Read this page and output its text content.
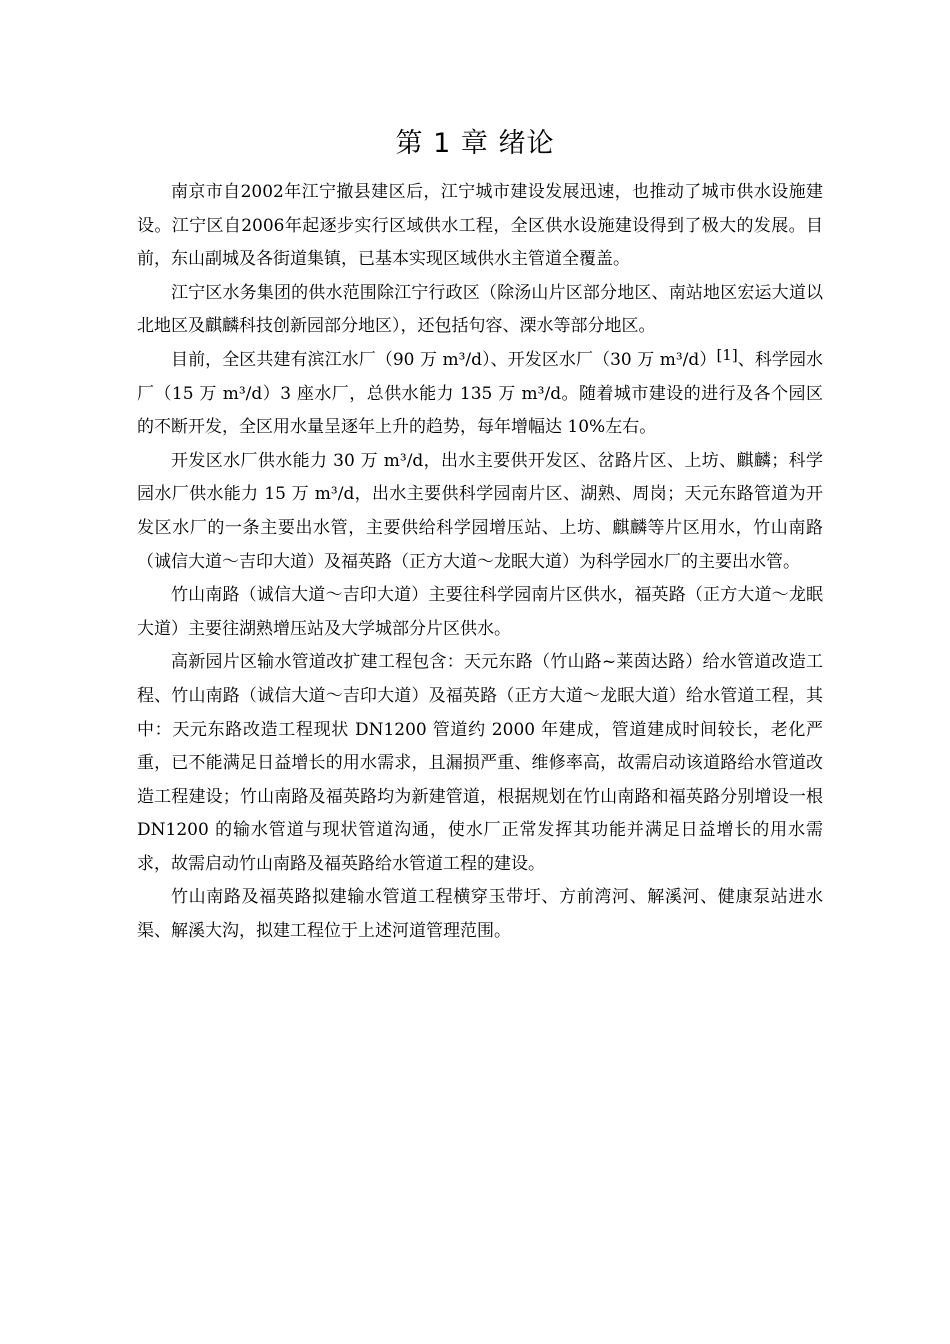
第 1 章 绪论

南京市自2002年江宁撤县建区后，江宁城市建设发展迅速，也推动了城市供水设施建设。江宁区自2006年起逐步实行区域供水工程，全区供水设施建设得到了极大的发展。目前，东山副城及各街道集镇，已基本实现区域供水主管道全覆盖。

江宁区水务集团的供水范围除江宁行政区（除汤山片区部分地区、南站地区宏运大道以北地区及麒麟科技创新园部分地区），还包括句容、溧水等部分地区。

目前，全区共建有滨江水厂（90 万 m³/d）、开发区水厂（30 万 m³/d）[1]、科学园水厂（15 万 m³/d）3 座水厂，总供水能力 135 万 m³/d。随着城市建设的进行及各个园区的不断开发，全区用水量呈逐年上升的趋势，每年增幅达 10%左右。

开发区水厂供水能力 30 万 m³/d，出水主要供开发区、岔路片区、上坊、麒麟；科学园水厂供水能力 15 万 m³/d，出水主要供科学园南片区、湖熟、周岗；天元东路管道为开发区水厂的一条主要出水管，主要供给科学园增压站、上坊、麒麟等片区用水，竹山南路（诚信大道～吉印大道）及福英路（正方大道～龙眠大道）为科学园水厂的主要出水管。

竹山南路（诚信大道～吉印大道）主要往科学园南片区供水，福英路（正方大道～龙眠大道）主要往湖熟增压站及大学城部分片区供水。

高新园片区输水管道改扩建工程包含：天元东路（竹山路~莱茵达路）给水管道改造工程、竹山南路（诚信大道～吉印大道）及福英路（正方大道～龙眠大道）给水管道工程，其中：天元东路改造工程现状 DN1200 管道约 2000 年建成，管道建成时间较长，老化严重，已不能满足日益增长的用水需求，且漏损严重、维修率高，故需启动该道路给水管道改造工程建设；竹山南路及福英路均为新建管道，根据规划在竹山南路和福英路分别增设一根 DN1200 的输水管道与现状管道沟通，使水厂正常发挥其功能并满足日益增长的用水需求，故需启动竹山南路及福英路给水管道工程的建设。

竹山南路及福英路拟建输水管道工程横穿玉带圩、方前湾河、解溪河、健康泵站进水渠、解溪大沟，拟建工程位于上述河道管理范围。
